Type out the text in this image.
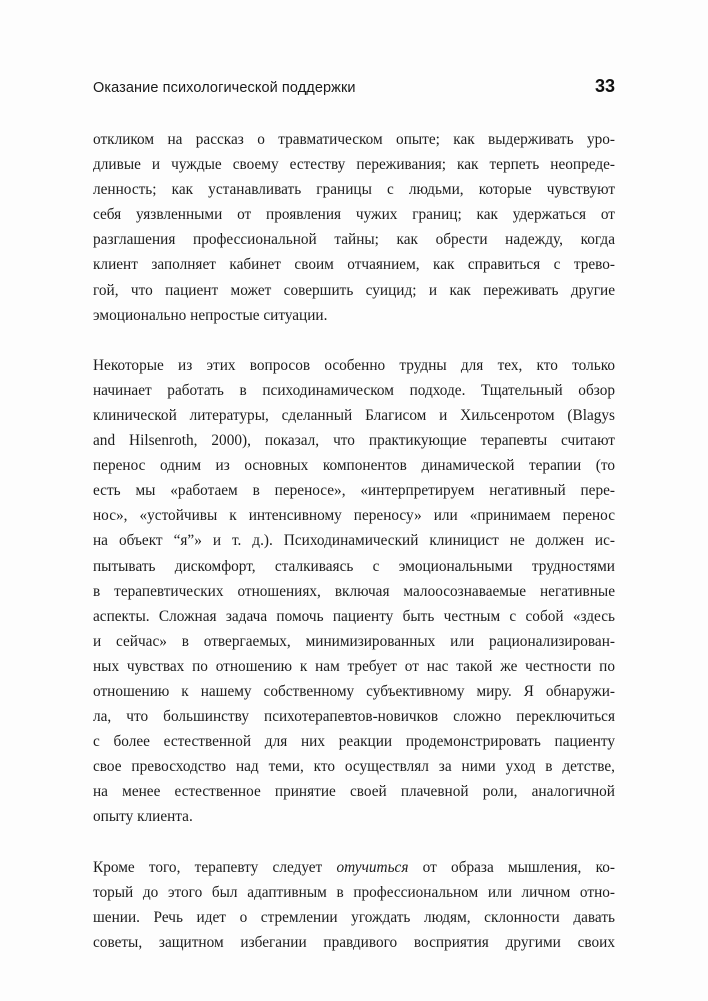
Оказание психологической поддержки	33
откликом на рассказ о травматическом опыте; как выдерживать уро-
дливые и чуждые своему естеству переживания; как терпеть неопреде-
ленность; как устанавливать границы с людьми, которые чувствуют
себя уязвленными от проявления чужих границ; как удержаться от
разглашения профессиональной тайны; как обрести надежду, когда
клиент заполняет кабинет своим отчаянием, как справиться с трево-
гой, что пациент может совершить суицид; и как переживать другие
эмоционально непростые ситуации.
Некоторые из этих вопросов особенно трудны для тех, кто только
начинает работать в психодинамическом подходе. Тщательный обзор
клинической литературы, сделанный Благисом и Хильсенротом (Blagys
and Hilsenroth, 2000), показал, что практикующие терапевты считают
перенос одним из основных компонентов динамической терапии (то
есть мы «работаем в переносе», «интерпретируем негативный пере-
нос», «устойчивы к интенсивному переносу» или «принимаем перенос
на объект “я”» и т. д.). Психодинамический клиницист не должен ис-
пытывать дискомфорт, сталкиваясь с эмоциональными трудностями
в терапевтических отношениях, включая малоосознаваемые негативные
аспекты. Сложная задача помочь пациенту быть честным с собой «здесь
и сейчас» в отвергаемых, минимизированных или рационализирован-
ных чувствах по отношению к нам требует от нас такой же честности по
отношению к нашему собственному субъективному миру. Я обнаружи-
ла, что большинству психотерапевтов-новичков сложно переключиться
с более естественной для них реакции продемонстрировать пациенту
свое превосходство над теми, кто осуществлял за ними уход в детстве,
на менее естественное принятие своей плачевной роли, аналогичной
опыту клиента.
Кроме того, терапевту следует отучиться от образа мышления, ко-
торый до этого был адаптивным в профессиональном или личном отно-
шении. Речь идет о стремлении угождать людям, склонности давать
советы, защитном избегании правдивого восприятия другими своих
